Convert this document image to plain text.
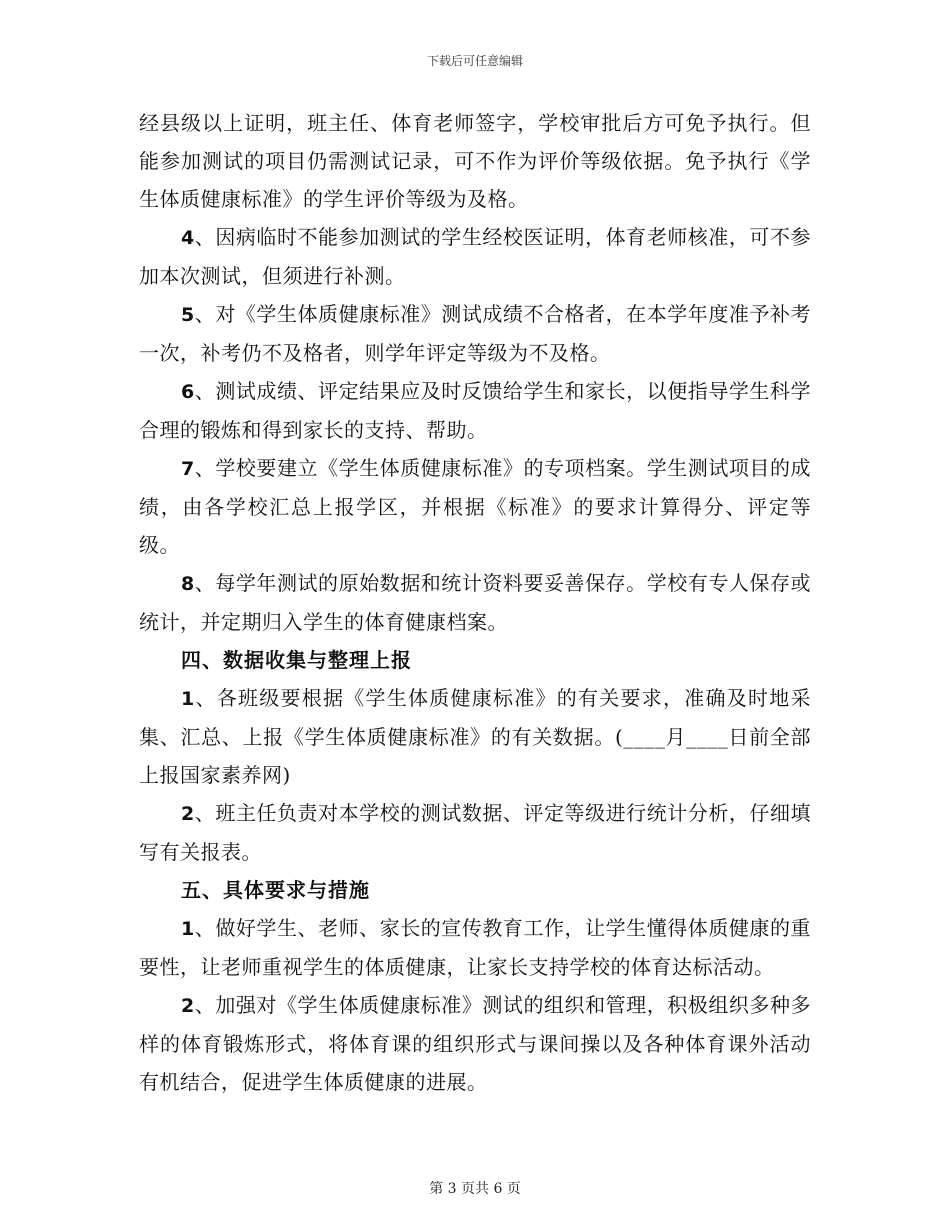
下载后可任意编辑

经县级以上证明，班主任、体育老师签字，学校审批后方可免予执行。但能参加测试的项目仍需测试记录，可不作为评价等级依据。免予执行《学生体质健康标准》的学生评价等级为及格。

4、因病临时不能参加测试的学生经校医证明，体育老师核准，可不参加本次测试，但须进行补测。

5、对《学生体质健康标准》测试成绩不合格者，在本学年度准予补考一次，补考仍不及格者，则学年评定等级为不及格。

6、测试成绩、评定结果应及时反馈给学生和家长，以便指导学生科学合理的锻炼和得到家长的支持、帮助。

7、学校要建立《学生体质健康标准》的专项档案。学生测试项目的成绩，由各学校汇总上报学区，并根据《标准》的要求计算得分、评定等级。

8、每学年测试的原始数据和统计资料要妥善保存。学校有专人保存或统计，并定期归入学生的体育健康档案。

四、数据收集与整理上报

1、各班级要根据《学生体质健康标准》的有关要求，准确及时地采集、汇总、上报《学生体质健康标准》的有关数据。(____月____日前全部上报国家素养网)

2、班主任负责对本学校的测试数据、评定等级进行统计分析，仔细填写有关报表。

五、具体要求与措施

1、做好学生、老师、家长的宣传教育工作，让学生懂得体质健康的重要性，让老师重视学生的体质健康，让家长支持学校的体育达标活动。

2、加强对《学生体质健康标准》测试的组织和管理，积极组织多种多样的体育锻炼形式，将体育课的组织形式与课间操以及各种体育课外活动有机结合，促进学生体质健康的进展。

第 3 页共 6 页
